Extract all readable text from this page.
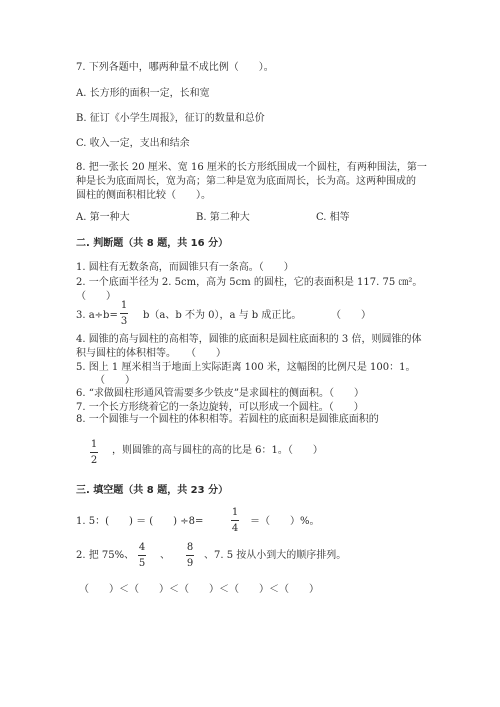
7. 下列各题中，哪两种量不成比例（　　）。
A. 长方形的面积一定，长和宽
B. 征订《小学生周报》，征订的数量和总价
C. 收入一定，支出和结余
8. 把一张长 20 厘米、宽 16 厘米的长方形纸围成一个圆柱，有两种围法，第一
种是长为底面周长，宽为高；第二种是宽为底面周长，长为高。这两种围成的
圆柱的侧面积相比较（　　）。
A. 第一种大	B. 第二种大	C. 相等
二. 判断题（共 8 题，共 16 分）
1. 圆柱有无数条高，而圆锥只有一条高。（　　）
2. 一个底面半径为 2. 5cm，高为 5cm 的圆柱，它的表面积是 117. 75 ㎝²。
（　　）
3. a÷b=
1
3
b（a、b 不为 0），a 与 b 成正比。	（　　）
4. 圆锥的高与圆柱的高相等，圆锥的底面积是圆柱底面积的 3 倍，则圆锥的体
积与圆柱的体积相等。　　（　　）
5. 图上 1 厘米相当于地面上实际距离 100 米，这幅图的比例尺是 100：1。
（　　）
6. “求做圆柱形通风管需要多少铁皮”是求圆柱的侧面积。（　　）
7. 一个长方形绕着它的一条边旋转，可以形成一个圆柱。（　　）
8. 一个圆锥与一个圆柱的体积相等。若圆柱的底面积是圆锥底面积的
1
2
，则圆锥的高与圆柱的高的比是 6：1。（　　）
三. 填空题（共 8 题，共 23 分）
1. 5：(　　) ＝ (　　) ÷8=
1
4
＝（　　）%。
2. 把 75%、
4
5
、
8
9
、7. 5 按从小到大的顺序排列。
（　　）＜（　　）＜（　　）＜（　　）＜（　　）
